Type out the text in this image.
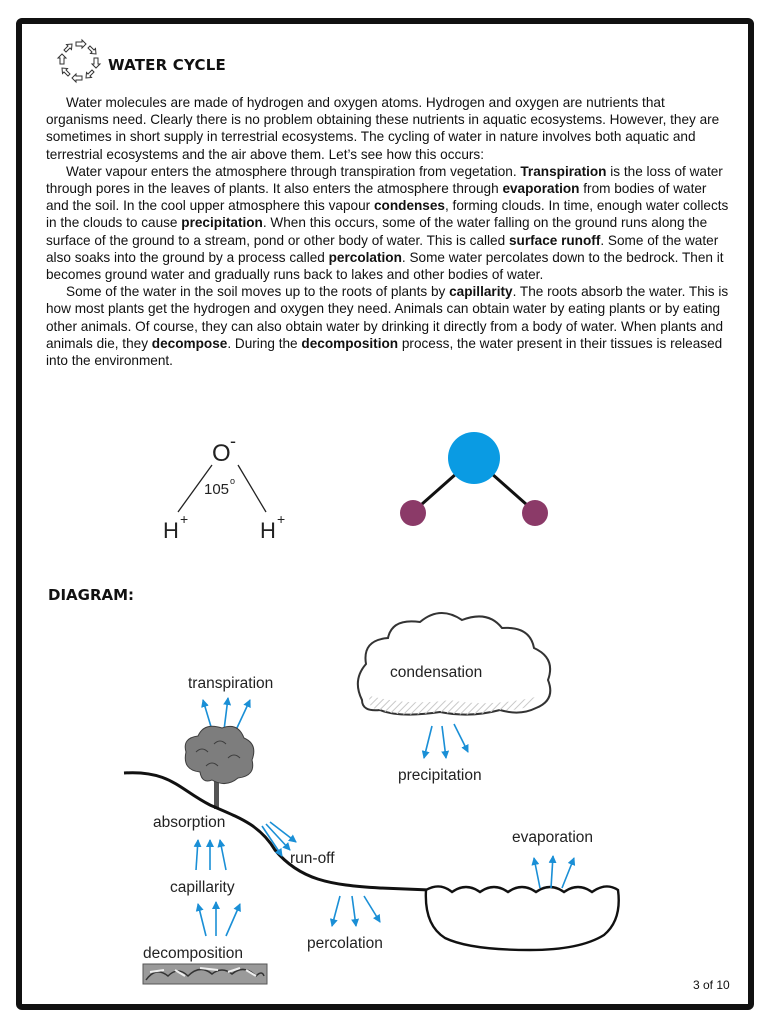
WATER CYCLE

Water molecules are made of hydrogen and oxygen atoms. Hydrogen and oxygen are nutrients that organisms need. Clearly there is no problem obtaining these nutrients in aquatic ecosystems. However, they are sometimes in short supply in terrestrial ecosystems. The cycling of water in nature involves both aquatic and terrestrial ecosystems and the air above them. Let’s see how this occurs:

Water vapour enters the atmosphere through transpiration from vegetation. Transpiration is the loss of water through pores in the leaves of plants. It also enters the atmosphere through evaporation from bodies of water and the soil. In the cool upper atmosphere this vapour condenses, forming clouds. In time, enough water collects in the clouds to cause precipitation. When this occurs, some of the water falling on the ground runs along the surface of the ground to a stream, pond or other body of water. This is called surface runoff. Some of the water also soaks into the ground by a process called percolation. Some water percolates down to the bedrock. Then it becomes ground water and gradually runs back to lakes and other bodies of water.

Some of the water in the soil moves up to the roots of plants by capillarity. The roots absorb the water. This is how most plants get the hydrogen and oxygen they need. Animals can obtain water by eating plants or by eating other animals. Of course, they can also obtain water by drinking it directly from a body of water. When plants and animals die, they decompose. During the decomposition process, the water present in their tissues is released into the environment.

O -
105 o
H +	H +
DIAGRAM:
condensation
precipitation
transpiration
evaporation
absorption
run-off
capillarity
decomposition
percolation
3 of 10
